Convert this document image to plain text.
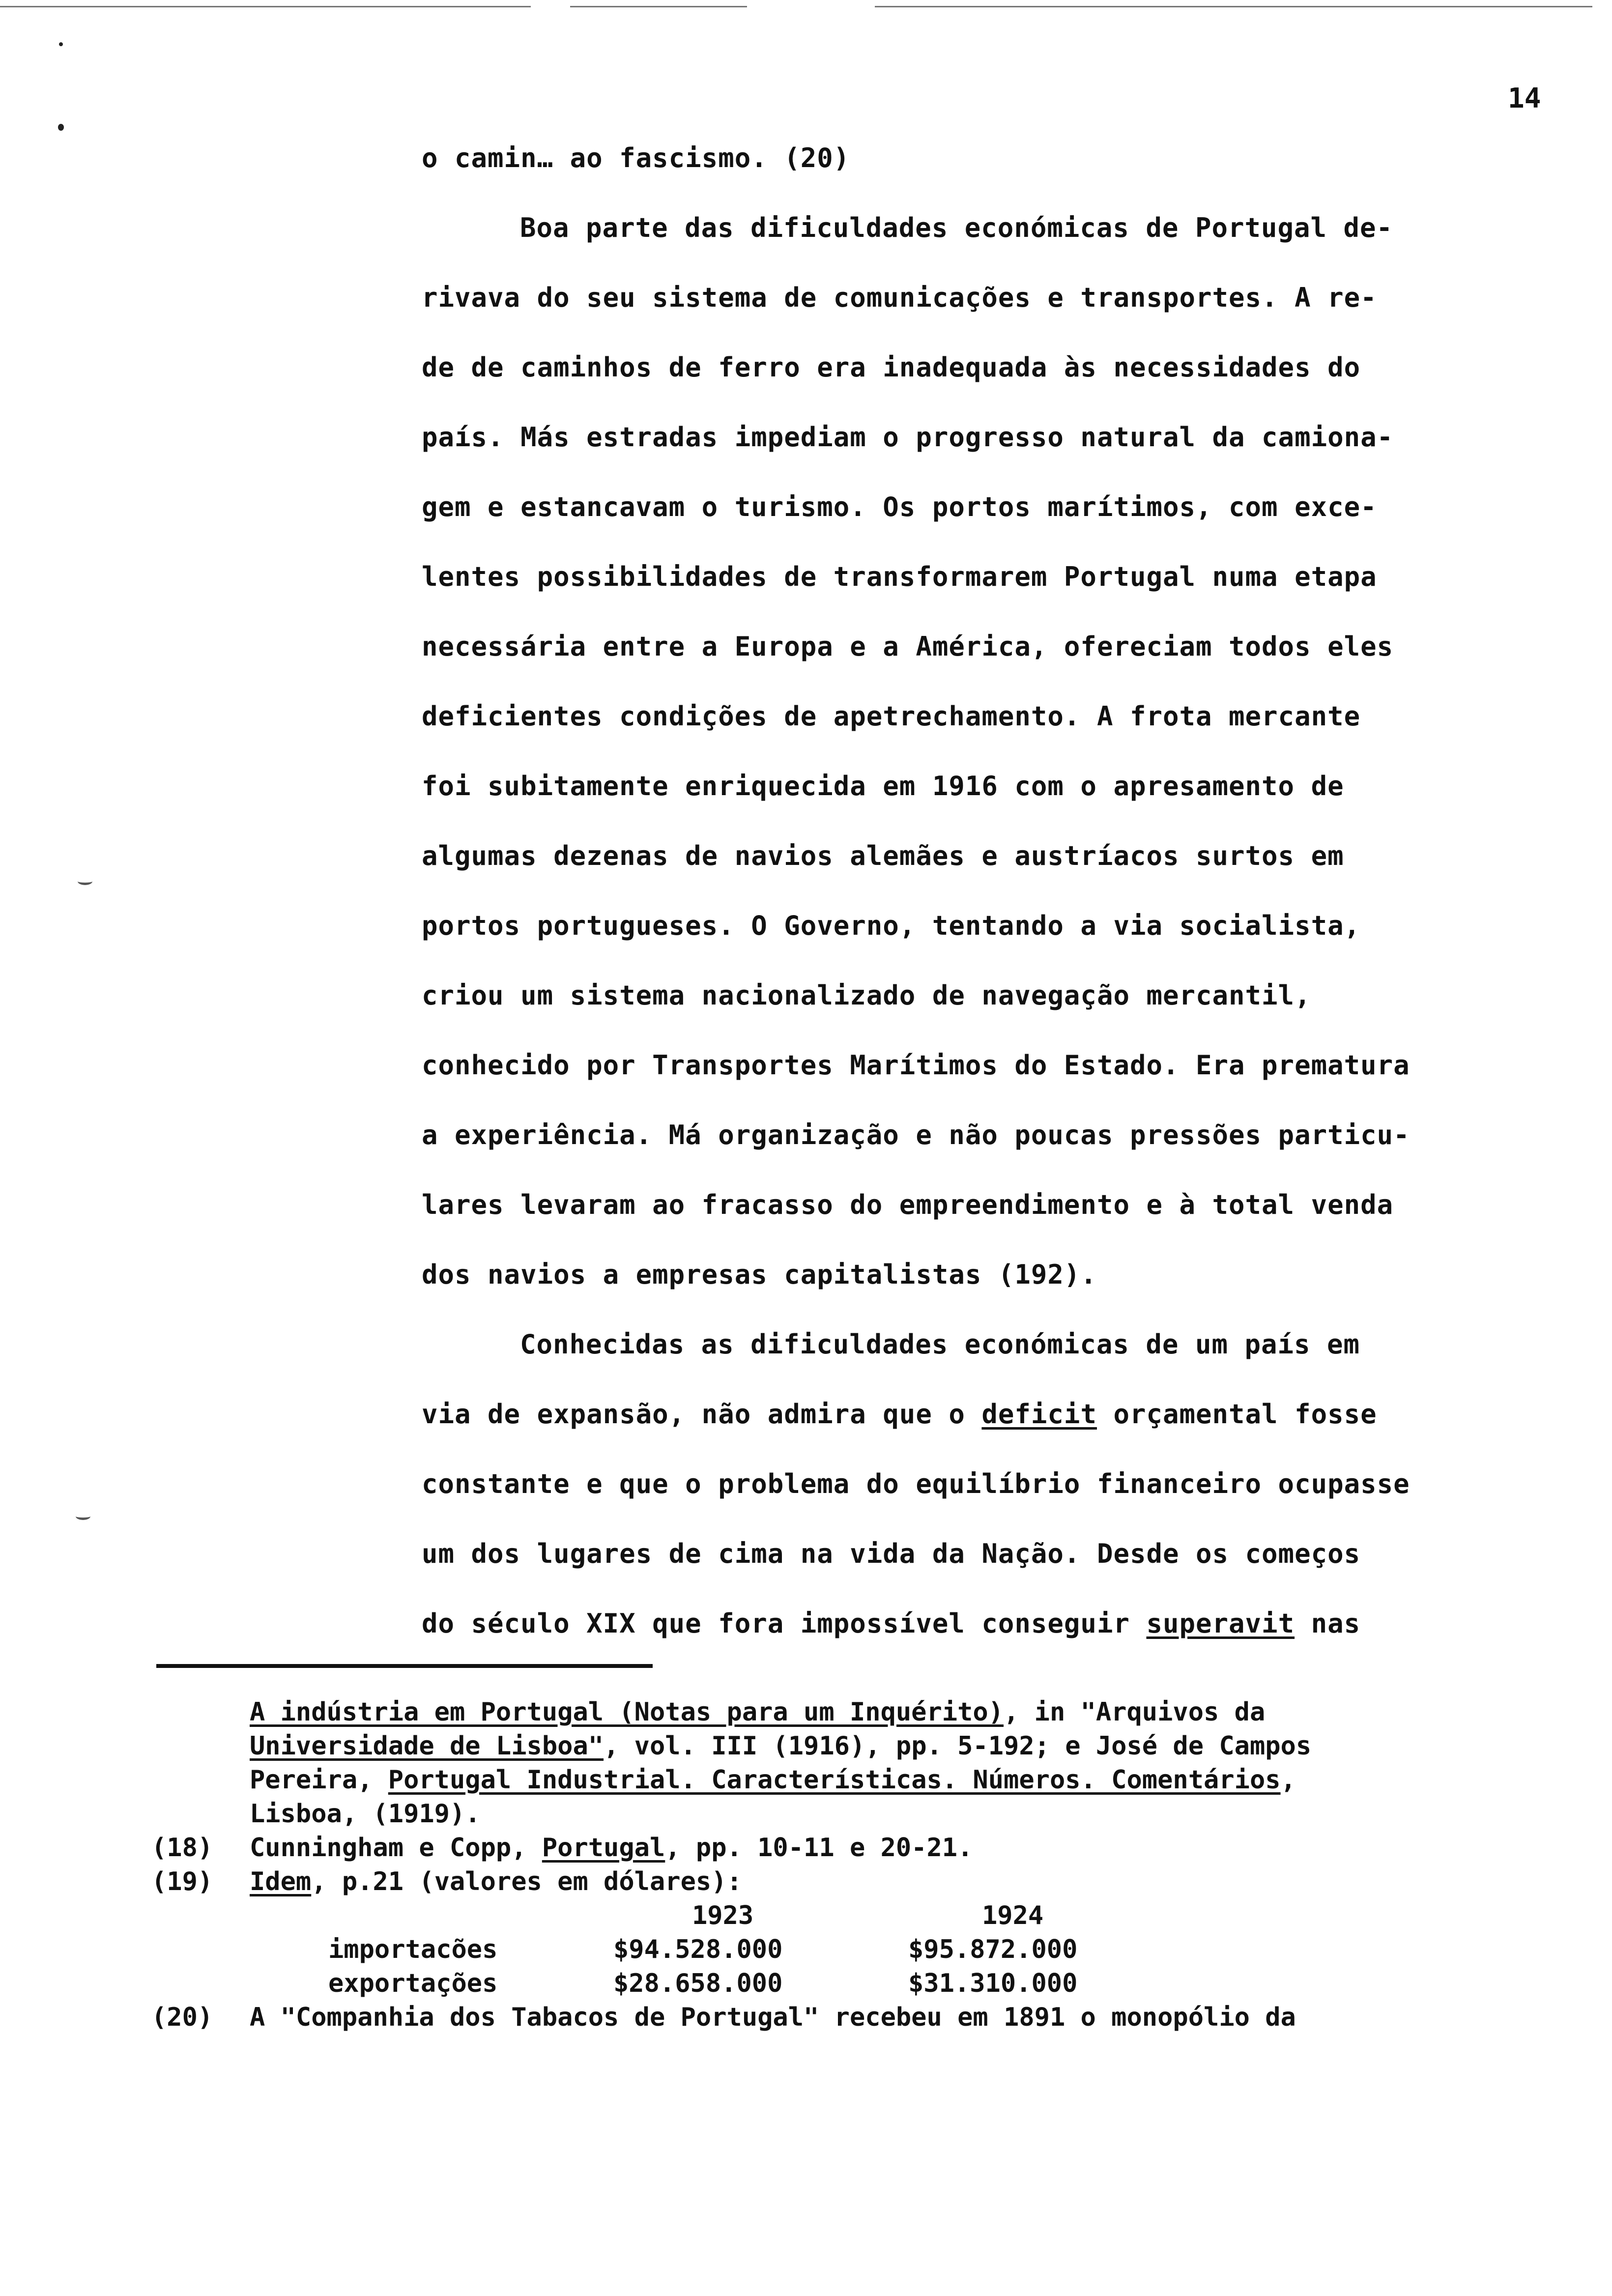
14
o camin… ao fascismo. (20)
Boa parte das dificuldades económicas de Portugal de-
rivava do seu sistema de comunicações e transportes. A re-
de de caminhos de ferro era inadequada às necessidades do
país. Más estradas impediam o progresso natural da camiona-
gem e estancavam o turismo. Os portos marítimos, com exce-
lentes possibilidades de transformarem Portugal numa etapa
necessária entre a Europa e a América, ofereciam todos eles
deficientes condições de apetrechamento. A frota mercante
foi subitamente enriquecida em 1916 com o apresamento de
algumas dezenas de navios alemães e austríacos surtos em
portos portugueses. O Governo, tentando a via socialista,
criou um sistema nacionalizado de navegação mercantil,
conhecido por Transportes Marítimos do Estado. Era prematura
a experiência. Má organização e não poucas pressões particu-
lares levaram ao fracasso do empreendimento e à total venda
dos navios a empresas capitalistas (192).
Conhecidas as dificuldades económicas de um país em
via de expansão, não admira que o deficit orçamental fosse
constante e que o problema do equilíbrio financeiro ocupasse
um dos lugares de cima na vida da Nação. Desde os começos
do século XIX que fora impossível conseguir superavit nas
A indústria em Portugal (Notas para um Inquérito), in "Arquivos da
Universidade de Lisboa", vol. III (1916), pp. 5-192; e José de Campos
Pereira, Portugal Industrial. Características. Números. Comentários,
Lisboa, (1919).
(18) Cunningham e Copp, Portugal, pp. 10-11 e 20-21.
(19) Idem, p.21 (valores em dólares):
1923	1924
importacões	$94.528.000	$95.872.000
exportações	$28.658.000	$31.310.000
(20) A "Companhia dos Tabacos de Portugal" recebeu em 1891 o monopólio da
